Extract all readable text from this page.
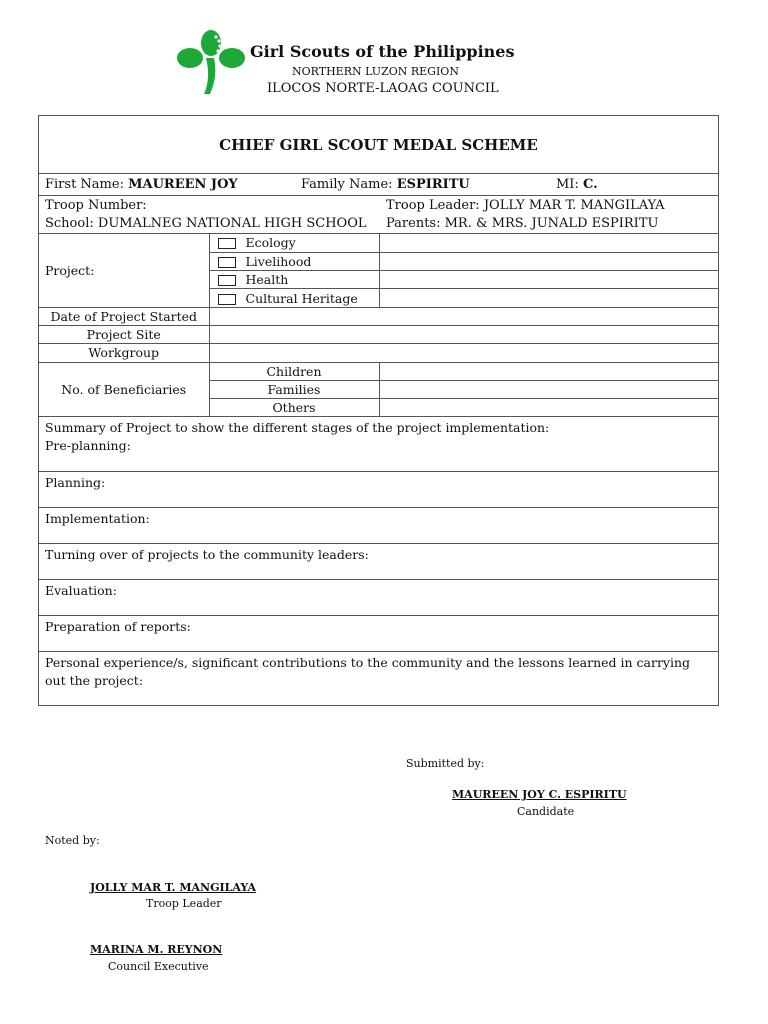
Girl Scouts of the Philippines
NORTHERN LUZON REGION
ILOCOS NORTE-LAOAG COUNCIL
CHIEF GIRL SCOUT MEDAL SCHEME
First Name: MAUREEN JOY	Family Name: ESPIRITU	MI: C.
Troop Number:	Troop Leader: JOLLY MAR T. MANGILAYA
School: DUMALNEG NATIONAL HIGH SCHOOL Parents: MR. & MRS. JUNALD ESPIRITU
Project:	Ecology	
	Livelihood	
	Health	
	Cultural Heritage	
Date of Project Started		
Project Site		
Workgroup		
No. of Beneficiaries	Children	
	Families	
	Others	
Summary of Project to show the different stages of the project implementation:
Pre-planning:
Planning:
Implementation:
Turning over of projects to the community leaders:
Evaluation:
Preparation of reports:
Personal experience/s, significant contributions to the community and the lessons learned in carrying
out the project:
Submitted by:
MAUREEN JOY C. ESPIRITU
Candidate
Noted by:
JOLLY MAR T. MANGILAYA
Troop Leader
MARINA M. REYNON
Council Executive
